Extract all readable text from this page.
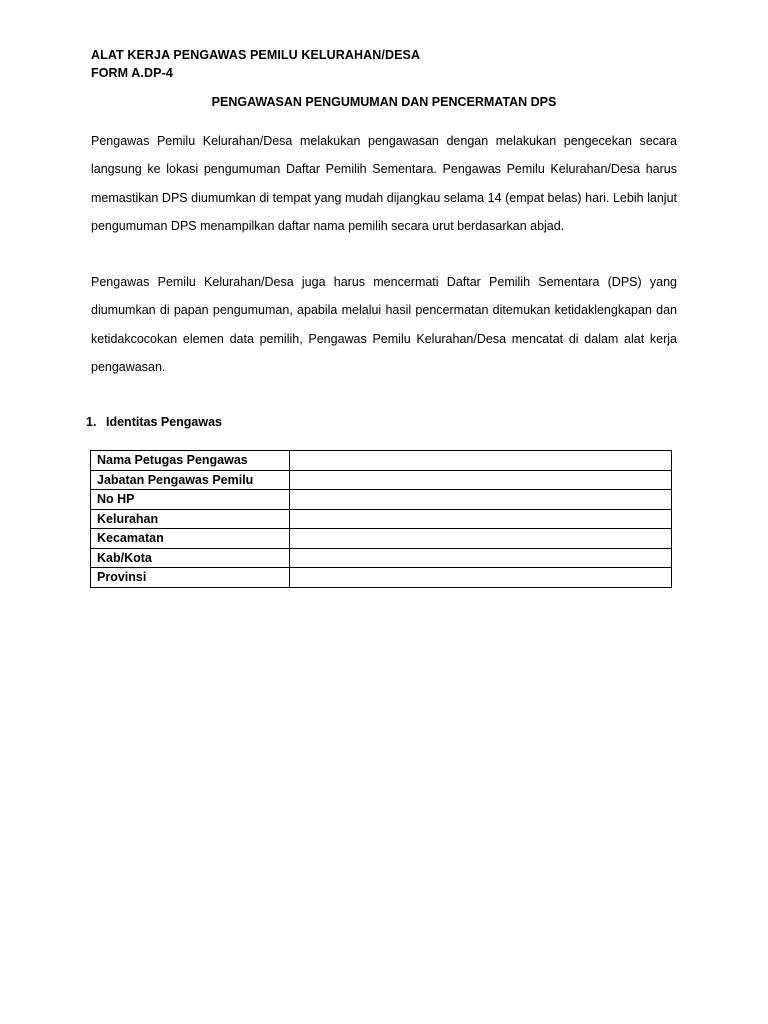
ALAT KERJA PENGAWAS PEMILU KELURAHAN/DESA
FORM A.DP-4
PENGAWASAN PENGUMUMAN DAN PENCERMATAN DPS
Pengawas Pemilu Kelurahan/Desa melakukan pengawasan dengan melakukan pengecekan secara langsung ke lokasi pengumuman Daftar Pemilih Sementara. Pengawas Pemilu Kelurahan/Desa harus memastikan DPS diumumkan di tempat yang mudah dijangkau selama 14 (empat belas) hari. Lebih lanjut pengumuman DPS menampilkan daftar nama pemilih secara urut berdasarkan abjad.
Pengawas Pemilu Kelurahan/Desa juga harus mencermati Daftar Pemilih Sementara (DPS) yang diumumkan di papan pengumuman, apabila melalui hasil pencermatan ditemukan ketidaklengkapan dan ketidakcocokan elemen data pemilih, Pengawas Pemilu Kelurahan/Desa mencatat di dalam alat kerja pengawasan.
1. Identitas Pengawas
Nama Petugas Pengawas	
Jabatan Pengawas Pemilu	
No HP	
Kelurahan	
Kecamatan	
Kab/Kota	
Provinsi	
